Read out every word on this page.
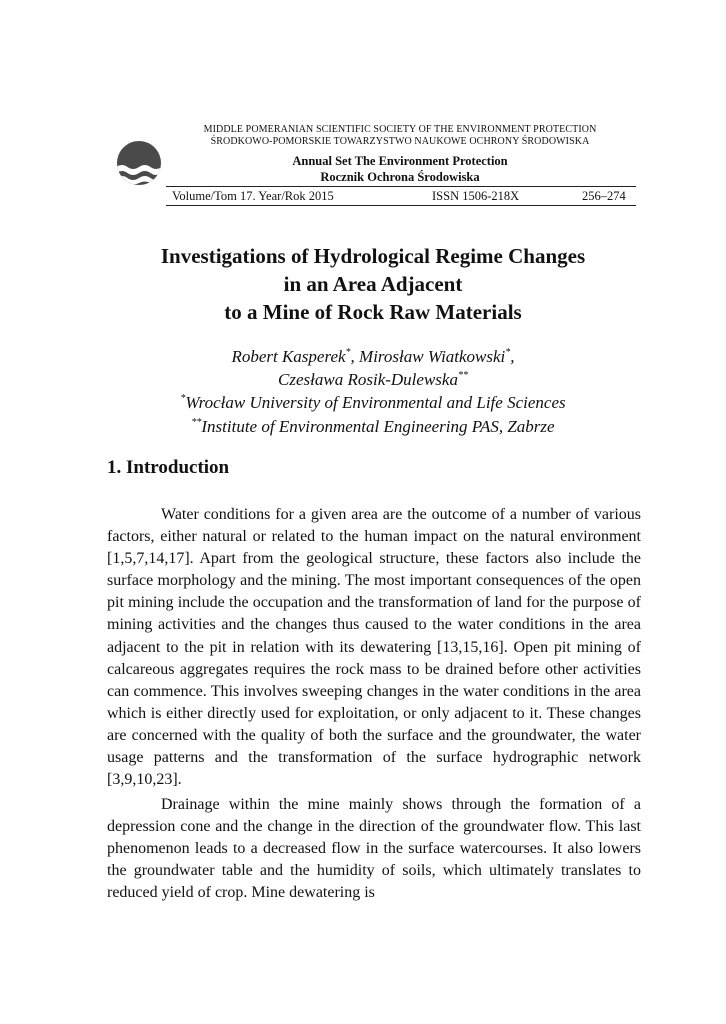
MIDDLE POMERANIAN SCIENTIFIC SOCIETY OF THE ENVIRONMENT PROTECTION
ŚRODKOWO-POMORSKIE TOWARZYSTWO NAUKOWE OCHRONY ŚRODOWISKA
Annual Set The Environment Protection
Rocznik Ochrona Środowiska
Volume/Tom 17. Year/Rok 2015	ISSN 1506-218X	256–274
Investigations of Hydrological Regime Changes
in an Area Adjacent
to a Mine of Rock Raw Materials
Robert Kasperek*, Mirosław Wiatkowski*,
Czesława Rosik-Dulewska**
*Wrocław University of Environmental and Life Sciences
**Institute of Environmental Engineering PAS, Zabrze
1. Introduction

Water conditions for a given area are the outcome of a number of various factors, either natural or related to the human impact on the natural environment [1,5,7,14,17]. Apart from the geological structure, these factors also include the surface morphology and the mining. The most important consequences of the open pit mining include the occupation and the transformation of land for the purpose of mining activities and the changes thus caused to the water conditions in the area adjacent to the pit in relation with its dewatering [13,15,16]. Open pit mining of calcareous aggregates requires the rock mass to be drained before other activities can commence. This involves sweeping changes in the water conditions in the area which is either directly used for exploitation, or only adjacent to it. These changes are concerned with the quality of both the surface and the groundwater, the water usage patterns and the transformation of the surface hydrographic network [3,9,10,23].

Drainage within the mine mainly shows through the formation of a depression cone and the change in the direction of the groundwater flow. This last phenomenon leads to a decreased flow in the surface watercourses. It also lowers the groundwater table and the humidity of soils, which ultimately translates to reduced yield of crop. Mine dewatering is
